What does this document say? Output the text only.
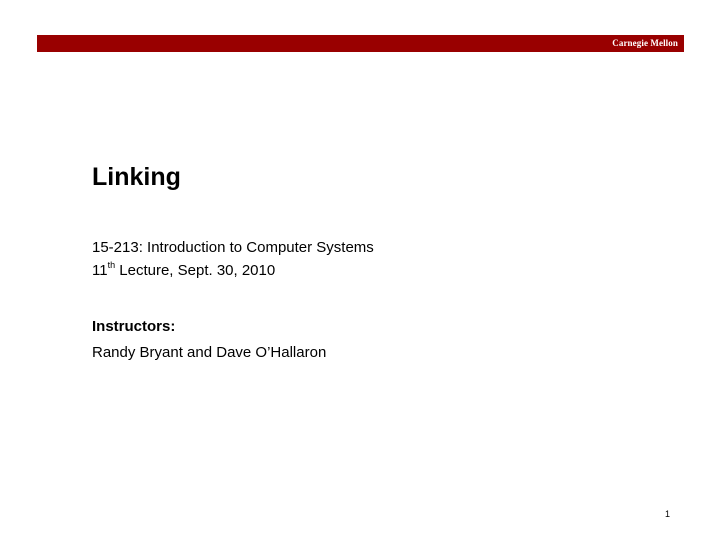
Carnegie Mellon
Linking
15-213: Introduction to Computer Systems
11th Lecture, Sept. 30, 2010
Instructors:
Randy Bryant and Dave O’Hallaron
1
